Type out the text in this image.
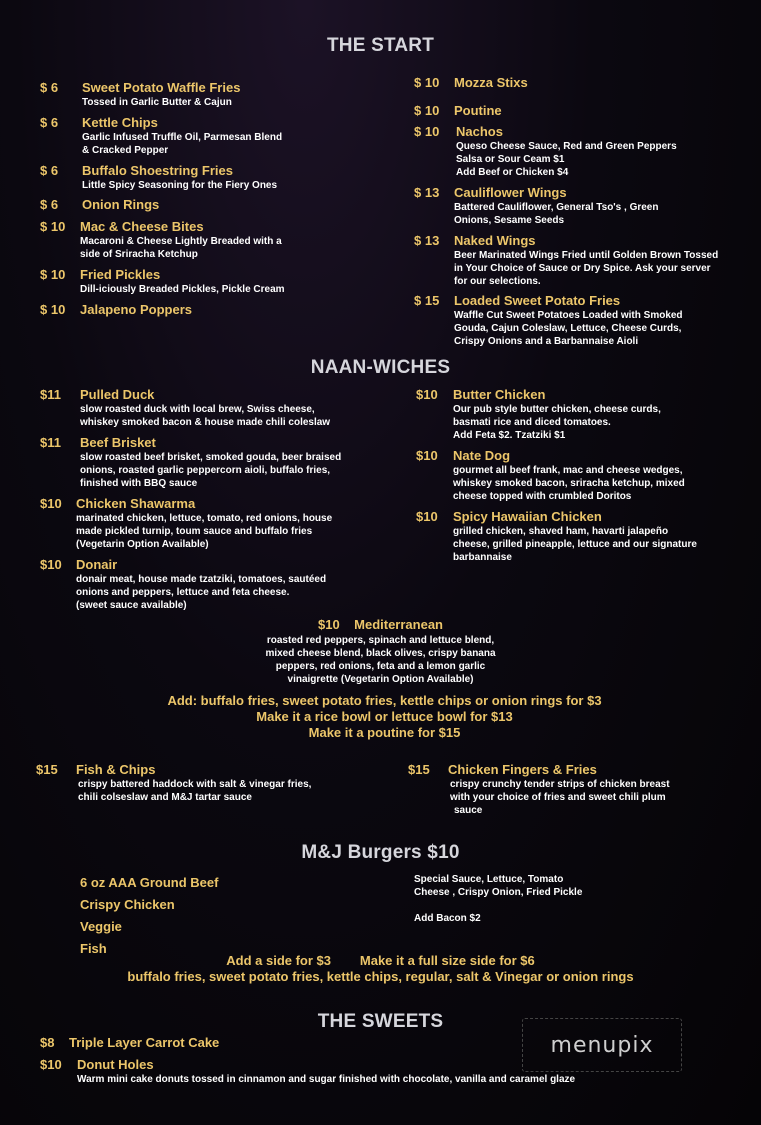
THE START
$ 6 Sweet Potato Waffle Fries
Tossed in Garlic Butter & Cajun
$ 6 Kettle Chips
Garlic Infused Truffle Oil, Parmesan Blend
& Cracked Pepper
$ 6 Buffalo Shoestring Fries
Little Spicy Seasoning for the Fiery Ones
$ 6 Onion Rings
$ 10 Mac & Cheese Bites
Macaroni & Cheese Lightly Breaded with a
side of Sriracha Ketchup
$ 10 Fried Pickles
Dill-iciously Breaded Pickles, Pickle Cream
$ 10 Jalapeno Poppers
$ 10 Mozza Stixs
$ 10 Poutine
$ 10 Nachos
Queso Cheese Sauce, Red and Green Peppers
Salsa or Sour Ceam $1
Add Beef or Chicken $4
$ 13 Cauliflower Wings
Battered Cauliflower, General Tso's , Green
Onions, Sesame Seeds
$ 13 Naked Wings
Beer Marinated Wings Fried until Golden Brown Tossed
in Your Choice of Sauce or Dry Spice. Ask your server
for our selections.
$ 15 Loaded Sweet Potato Fries
Waffle Cut Sweet Potatoes Loaded with Smoked
Gouda, Cajun Coleslaw, Lettuce, Cheese Curds,
Crispy Onions and a Barbannaise Aioli
NAAN-WICHES
$11 Pulled Duck
slow roasted duck with local brew, Swiss cheese,
whiskey smoked bacon & house made chili coleslaw
$11 Beef Brisket
slow roasted beef brisket, smoked gouda, beer braised
onions, roasted garlic peppercorn aioli, buffalo fries,
finished with BBQ sauce
$10 Chicken Shawarma
marinated chicken, lettuce, tomato, red onions, house
made pickled turnip, toum sauce and buffalo fries
(Vegetarin Option Available)
$10 Donair
donair meat, house made tzatziki, tomatoes, sautéed
onions and peppers, lettuce and feta cheese.
(sweet sauce available)
$10 Butter Chicken
Our pub style butter chicken, cheese curds,
basmati rice and diced tomatoes.
Add Feta $2. Tzatziki $1
$10 Nate Dog
gourmet all beef frank, mac and cheese wedges,
whiskey smoked bacon, sriracha ketchup, mixed
cheese topped with crumbled Doritos
$10 Spicy Hawaiian Chicken
grilled chicken, shaved ham, havarti jalapeño
cheese, grilled pineapple, lettuce and our signature
barbannaise
$10 Mediterranean
roasted red peppers, spinach and lettuce blend,
mixed cheese blend, black olives, crispy banana
peppers, red onions, feta and a lemon garlic
vinaigrette (Vegetarin Option Available)
Add: buffalo fries, sweet potato fries, kettle chips or onion rings for $3
Make it a rice bowl or lettuce bowl for $13
Make it a poutine for $15
$15 Fish & Chips
crispy battered haddock with salt & vinegar fries,
chili colseslaw and M&J tartar sauce
$15 Chicken Fingers & Fries
crispy crunchy tender strips of chicken breast
with your choice of fries and sweet chili plum
sauce
M&J Burgers $10
6 oz AAA Ground Beef
Crispy Chicken
Veggie
Fish
Special Sauce, Lettuce, Tomato
Cheese , Crispy Onion, Fried Pickle
Add Bacon $2
Add a side for $3        Make it a full size side for $6
buffalo fries, sweet potato fries, kettle chips, regular, salt & Vinegar or onion rings
THE SWEETS
$8 Triple Layer Carrot Cake
$10 Donut Holes
Warm mini cake donuts tossed in cinnamon and sugar finished with chocolate, vanilla and caramel glaze
menupix
